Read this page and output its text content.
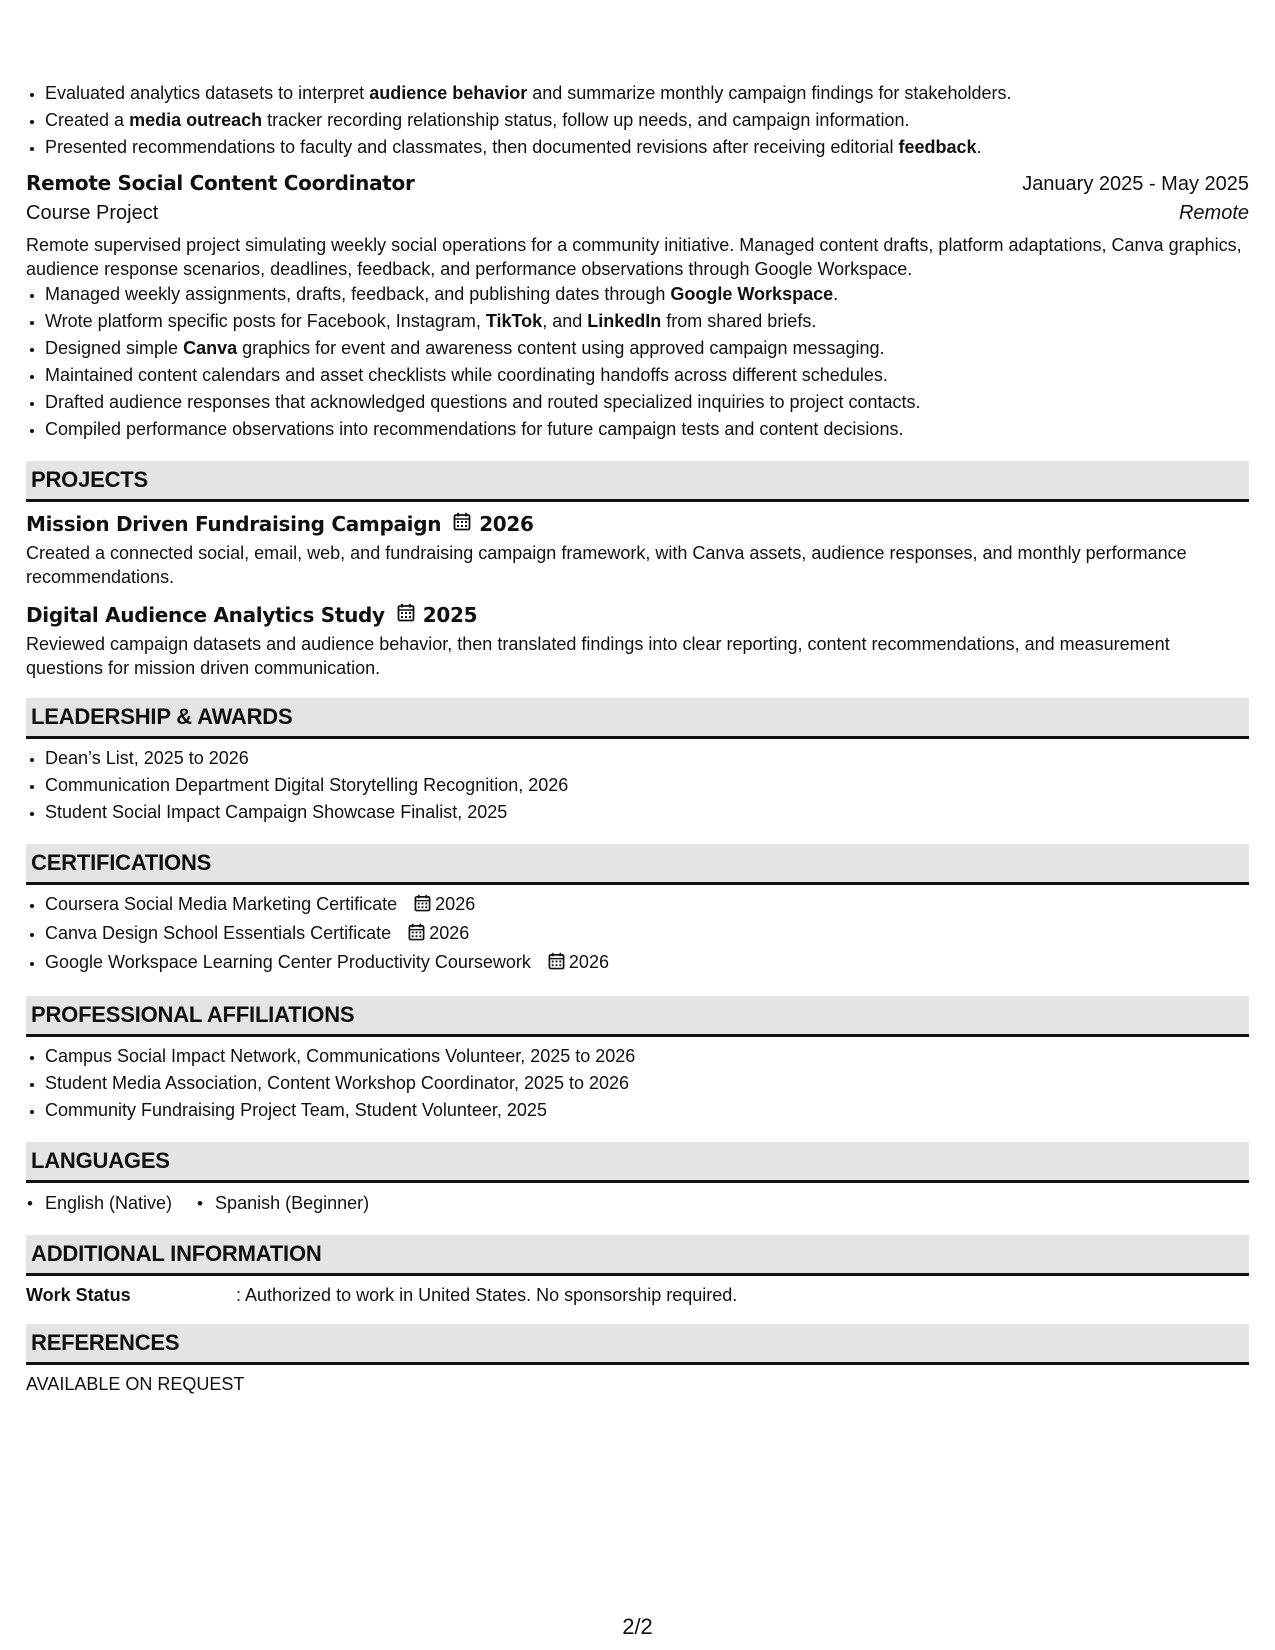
• Evaluated analytics datasets to interpret audience behavior and summarize monthly campaign findings for stakeholders.
• Created a media outreach tracker recording relationship status, follow up needs, and campaign information.
• Presented recommendations to faculty and classmates, then documented revisions after receiving editorial feedback.
Remote Social Content Coordinator	January 2025 - May 2025
Course Project	Remote
Remote supervised project simulating weekly social operations for a community initiative. Managed content drafts, platform adaptations, Canva graphics, audience response scenarios, deadlines, feedback, and performance observations through Google Workspace.
• Managed weekly assignments, drafts, feedback, and publishing dates through Google Workspace.
• Wrote platform specific posts for Facebook, Instagram, TikTok, and LinkedIn from shared briefs.
• Designed simple Canva graphics for event and awareness content using approved campaign messaging.
• Maintained content calendars and asset checklists while coordinating handoffs across different schedules.
• Drafted audience responses that acknowledged questions and routed specialized inquiries to project contacts.
• Compiled performance observations into recommendations for future campaign tests and content decisions.
PROJECTS
Mission Driven Fundraising Campaign 2026
Created a connected social, email, web, and fundraising campaign framework, with Canva assets, audience responses, and monthly performance recommendations.
Digital Audience Analytics Study 2025
Reviewed campaign datasets and audience behavior, then translated findings into clear reporting, content recommendations, and measurement questions for mission driven communication.
LEADERSHIP & AWARDS
• Dean’s List, 2025 to 2026
• Communication Department Digital Storytelling Recognition, 2026
• Student Social Impact Campaign Showcase Finalist, 2025
CERTIFICATIONS
• Coursera Social Media Marketing Certificate 2026
• Canva Design School Essentials Certificate 2026
• Google Workspace Learning Center Productivity Coursework 2026
PROFESSIONAL AFFILIATIONS
• Campus Social Impact Network, Communications Volunteer, 2025 to 2026
• Student Media Association, Content Workshop Coordinator, 2025 to 2026
• Community Fundraising Project Team, Student Volunteer, 2025
LANGUAGES
• English (Native)
•	Spanish (Beginner)
ADDITIONAL INFORMATION
Work Status	: Authorized to work in United States. No sponsorship required.
REFERENCES
AVAILABLE ON REQUEST
2/2
